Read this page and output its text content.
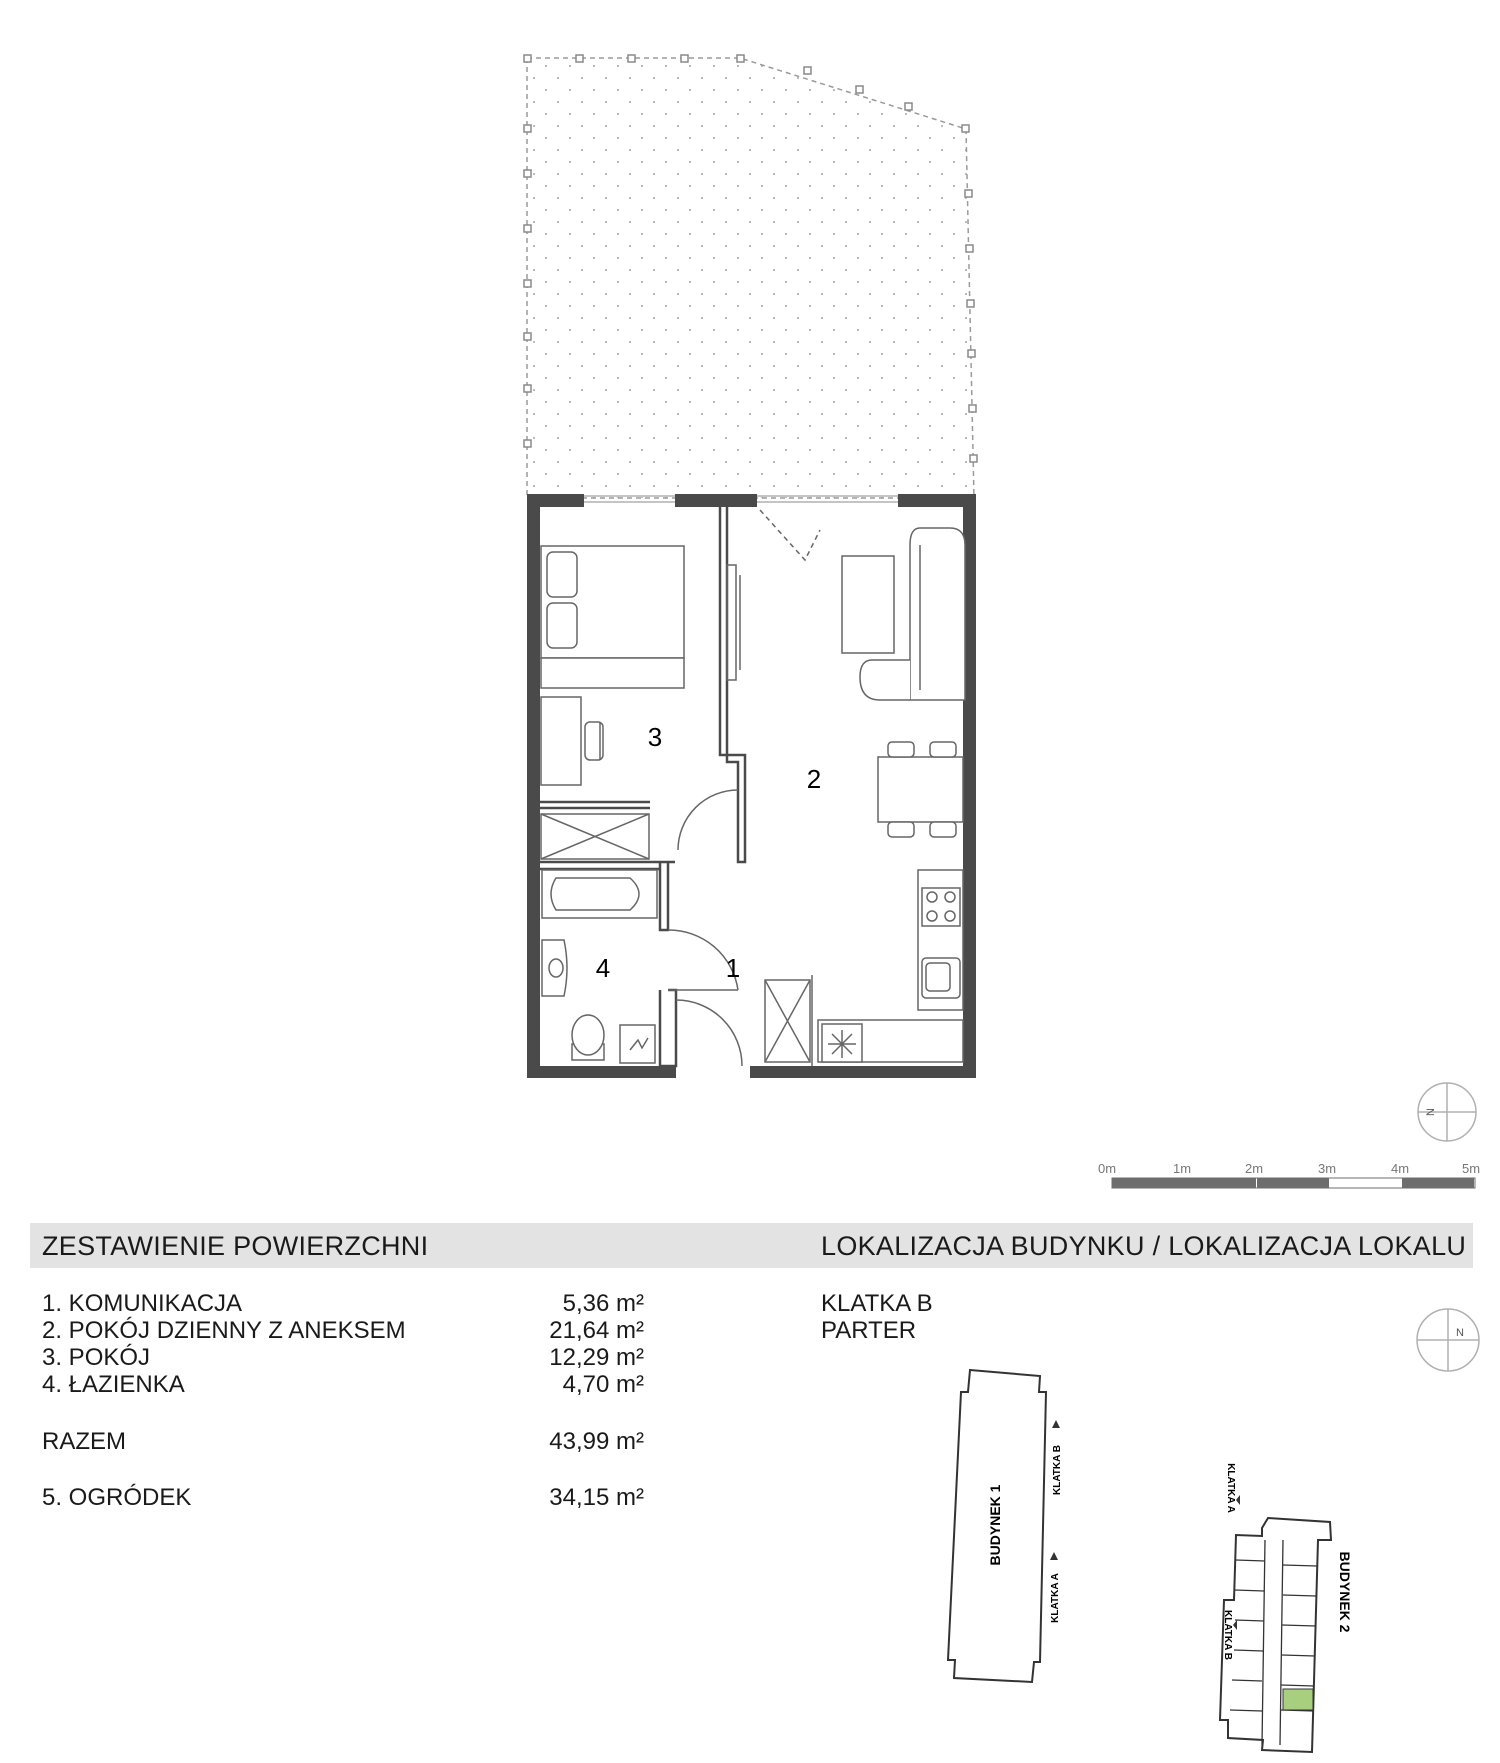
3
2
1
4
N
N
0m	1m	2m	3m	4m	5m
BUDYNEK 1
KLATKA B
KLATKA A	BUDYNEK 2
KLATKA A
KLATKA B
ZESTAWIENIE POWIERZCHNI	LOKALIZACJA BUDYNKU / LOKALIZACJA LOKALU
1. KOMUNIKACJA	5,36 m²
2. POKÓJ DZIENNY Z ANEKSEM	21,64 m²
3. POKÓJ	12,29 m²
4. ŁAZIENKA	4,70 m²
RAZEM	43,99 m²
5. OGRÓDEK	34,15 m²
KLATKA B
PARTER
